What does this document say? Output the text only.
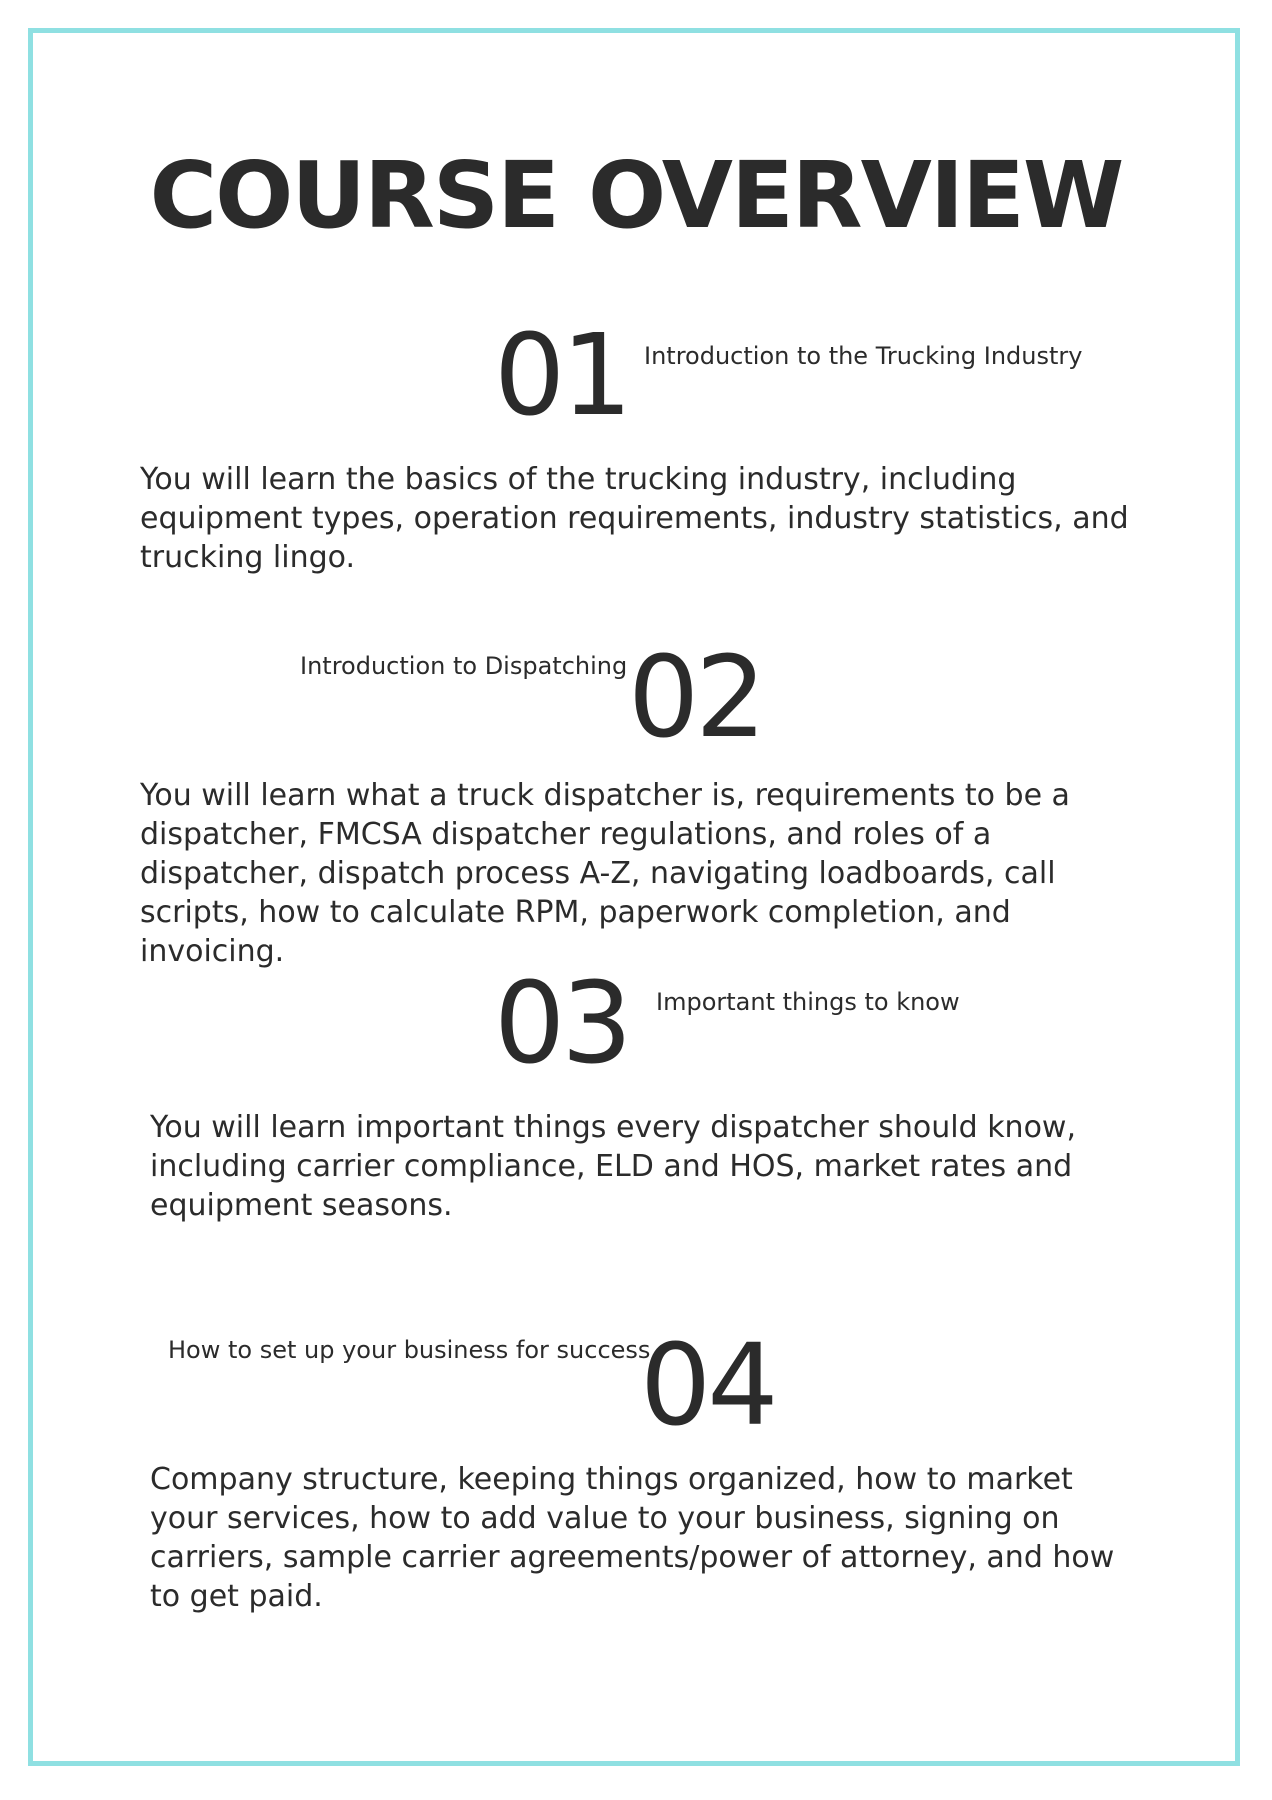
COURSE OVERVIEW
01 Introduction to the Trucking Industry

You will learn the basics of the trucking industry, including equipment types, operation requirements, industry statistics, and trucking lingo.

Introduction to Dispatching 02

You will learn what a truck dispatcher is, requirements to be a dispatcher, FMCSA dispatcher regulations, and roles of a dispatcher, dispatch process A-Z, navigating loadboards, call scripts, how to calculate RPM, paperwork completion, and invoicing.

03 Important things to know

You will learn important things every dispatcher should know, including carrier compliance, ELD and HOS, market rates and equipment seasons.

How to set up your business for success
04

Company structure, keeping things organized, how to market your services, how to add value to your business, signing on carriers, sample carrier agreements/power of attorney, and how to get paid.
